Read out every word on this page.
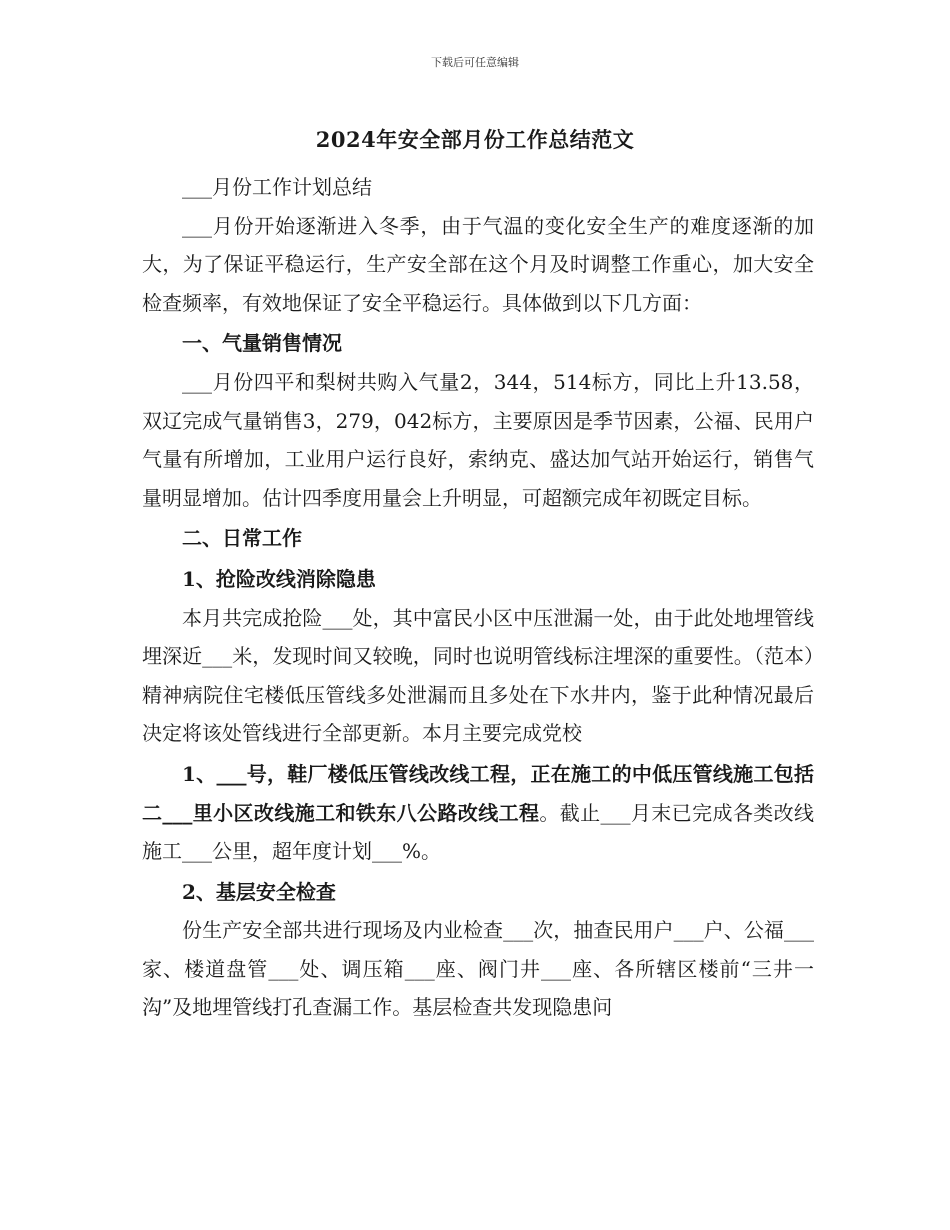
下载后可任意编辑
2024年安全部月份工作总结范文

___月份工作计划总结

___月份开始逐渐进入冬季，由于气温的变化安全生产的难度逐渐的加大，为了保证平稳运行，生产安全部在这个月及时调整工作重心，加大安全检查频率，有效地保证了安全平稳运行。具体做到以下几方面：

一、气量销售情况

___月份四平和梨树共购入气量2，344，514标方，同比上升13.58，双辽完成气量销售3，279，042标方，主要原因是季节因素，公福、民用户气量有所增加，工业用户运行良好，索纳克、盛达加气站开始运行，销售气量明显增加。估计四季度用量会上升明显，可超额完成年初既定目标。

二、日常工作

1、抢险改线消除隐患

本月共完成抢险___处，其中富民小区中压泄漏一处，由于此处地埋管线埋深近___米，发现时间又较晚，同时也说明管线标注埋深的重要性。（范本）精神病院住宅楼低压管线多处泄漏而且多处在下水井内，鉴于此种情况最后决定将该处管线进行全部更新。本月主要完成党校

1、___号，鞋厂楼低压管线改线工程，正在施工的中低压管线施工包括二___里小区改线施工和铁东八公路改线工程。截止___月末已完成各类改线施工___公里，超年度计划___%。

2、基层安全检查

份生产安全部共进行现场及内业检查___次，抽查民用户___户、公福___家、楼道盘管___处、调压箱___座、阀门井___座、各所辖区楼前“三井一沟”及地埋管线打孔查漏工作。基层检查共发现隐患问
